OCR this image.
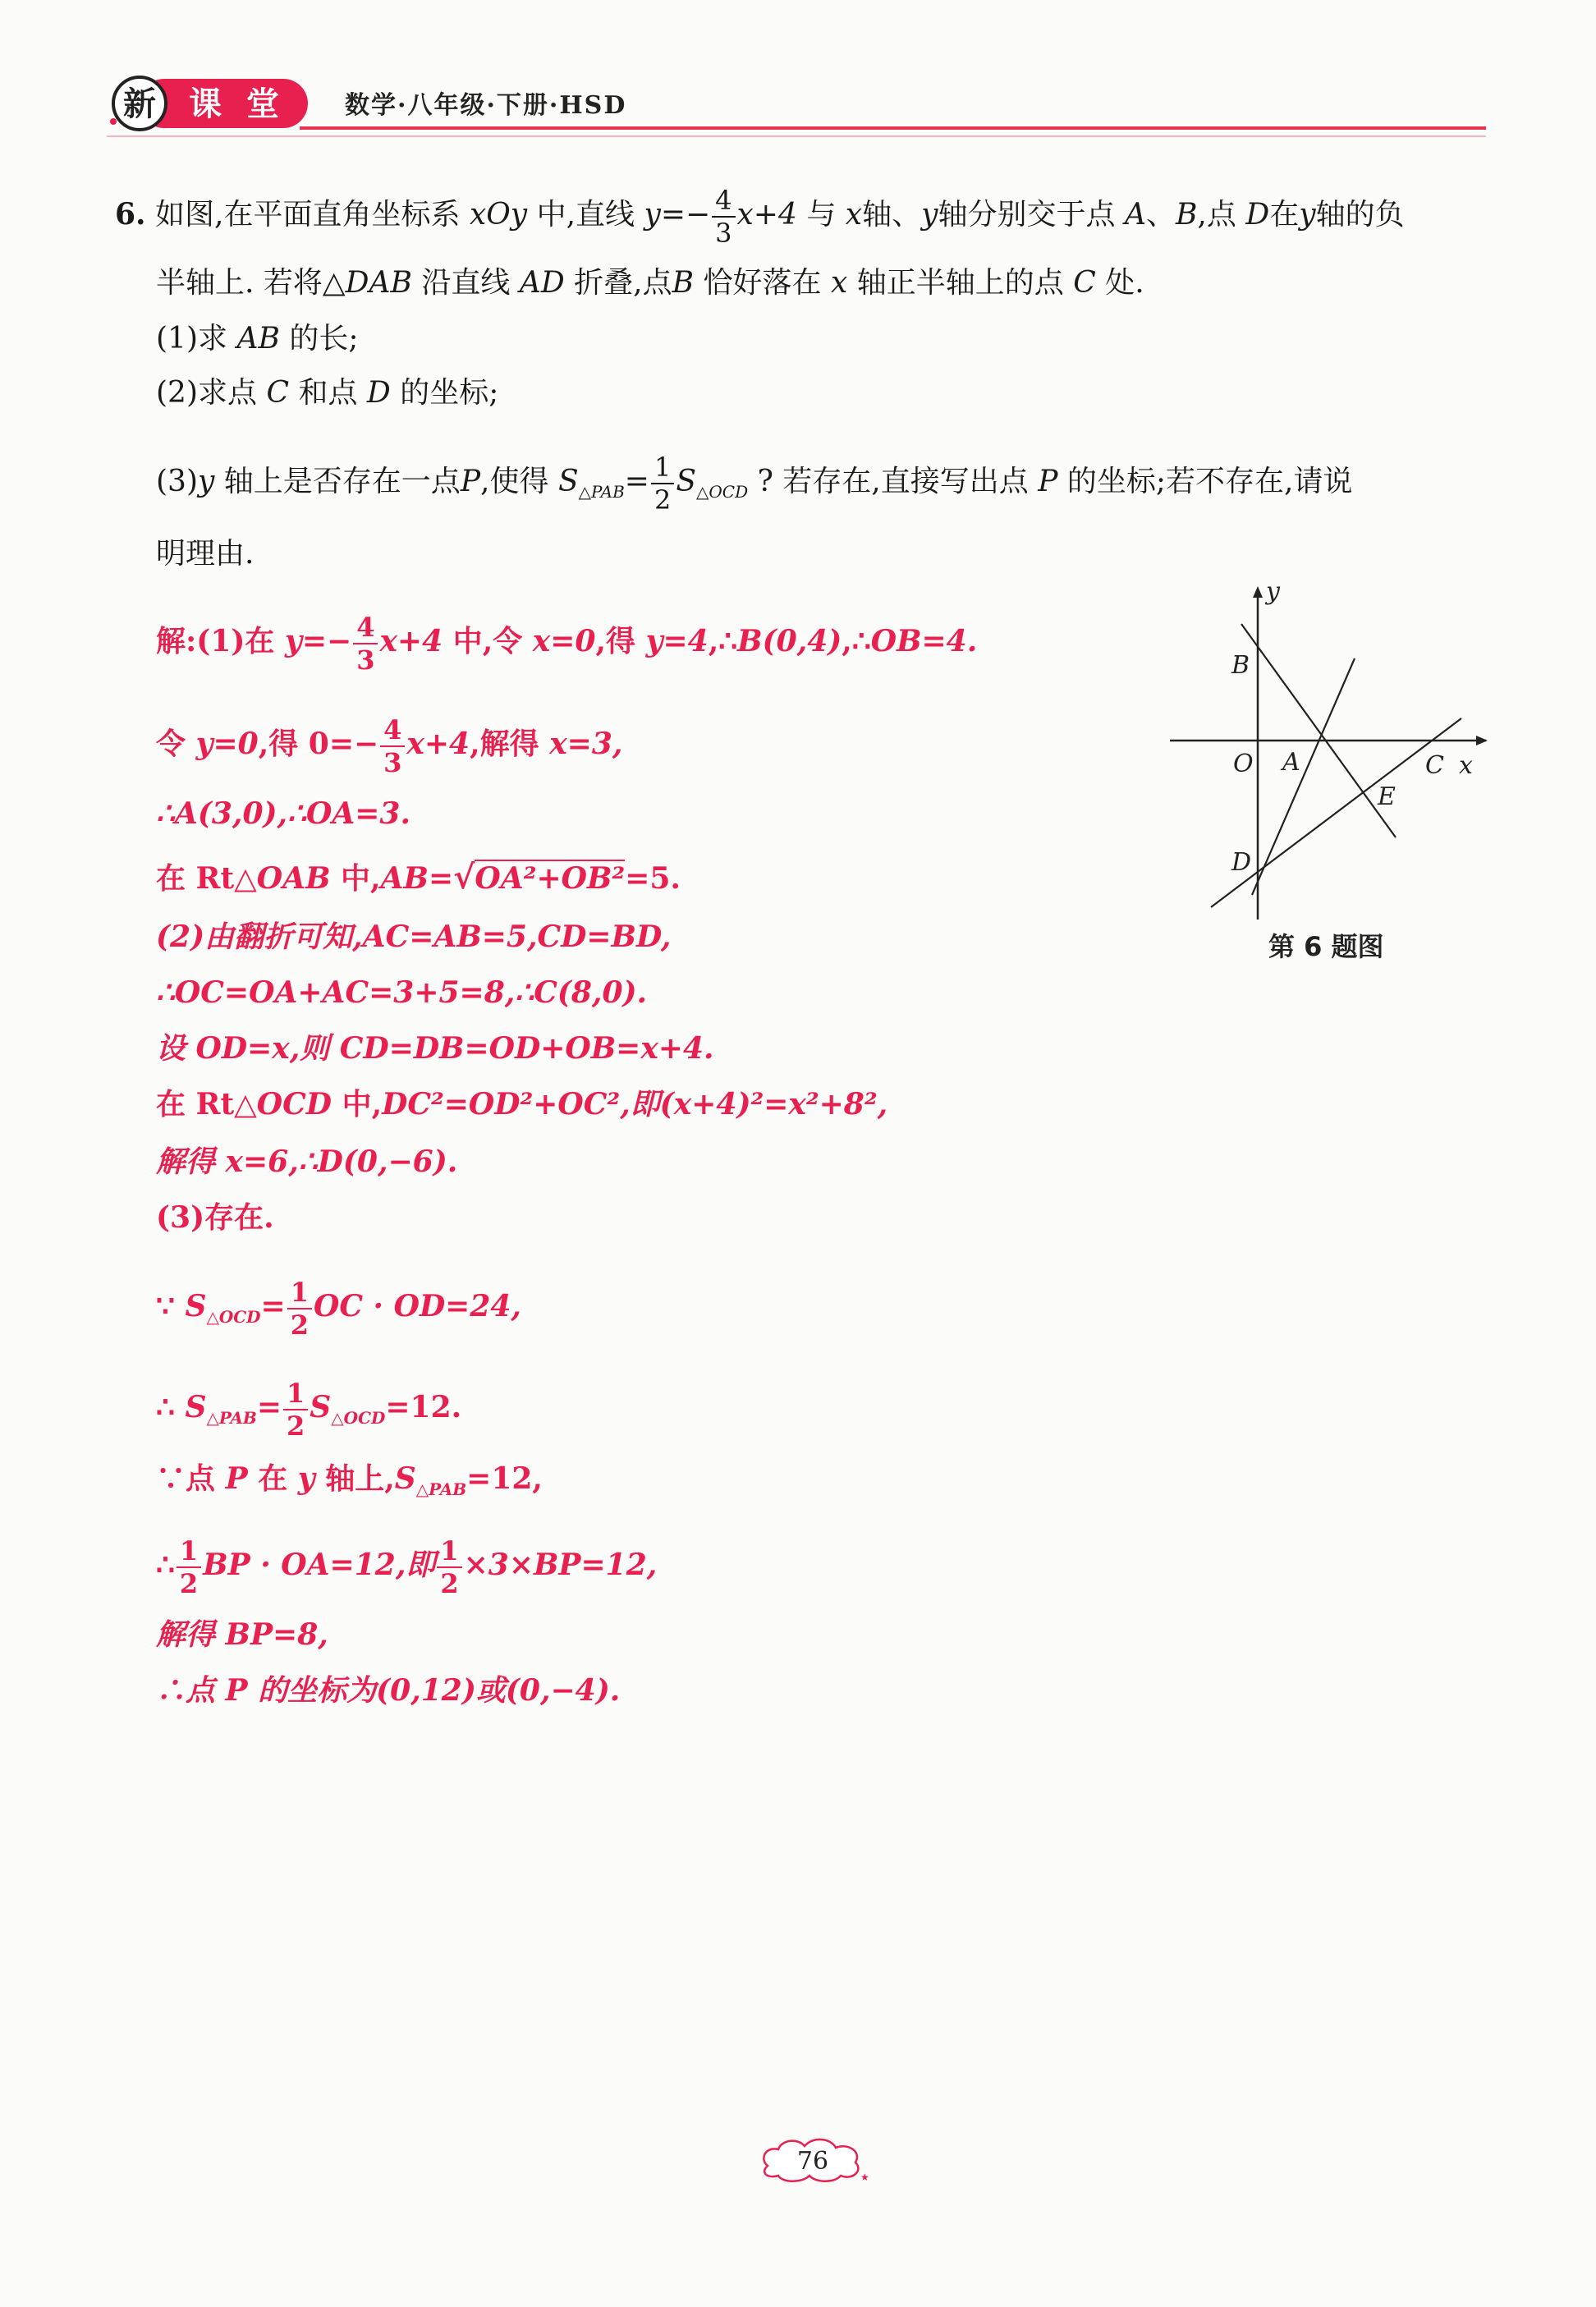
新 课 堂	数学·八年级·下册·HSD
6. 如图,在平面直角坐标系 xOy 中,直线 $y=- \frac{4}{3} x+4$ 与 x轴、y轴分别交于点 A、B,点 D在y轴的负
半轴上. 若将△DAB 沿直线 AD 折叠,点B 恰好落在 x 轴正半轴上的点 C 处.
(1)求 AB 的长;
(2)求点 C 和点 D 的坐标;
(3)y 轴上是否存在一点P,使得 $S_{\triangle PAB}= \frac{1}{2} S_{\triangle OCD}$ ? 若存在,直接写出点 P 的坐标;若不存在,请说
明理由.
解:(1)在 $y=- \frac{4}{3} x+4$ 中,令 x=0,得 y=4,∴B(0,4),∴OB=4.
令 y=0,得 $0=- \frac{4}{3} x+4$,解得 x=3,
∴A(3,0),∴OA=3.
在 Rt△OAB 中,AB=√OA²+OB²=5.
(2)由翻折可知,AC=AB=5,CD=BD,
∴OC=OA+AC=3+5=8,∴C(8,0).
设 OD=x,则 CD=DB=OD+OB=x+4.
在 Rt△OCD 中,DC²=OD²+OC²,即(x+4)²=x²+8²,
解得 x=6,∴D(0,−6).
(3)存在.
∵ $S_{\triangle OCD}= \frac{1}{2}$ OC · OD=24,
∴ $S_{\triangle PAB}= \frac{1}{2} S_{\triangle OCD}=12$.
∵点 P 在 y 轴上$,S_{\triangle PAB}=12$,
∴ $\frac{1}{2}$ BP · OA=12,即 $\frac{1}{2} \times 3\times BP=12$,
解得 BP=8,
∴点 P 的坐标为(0,12)或(0,−4).
y
B
O A	C x
E
D
第 6 题图
76
★
